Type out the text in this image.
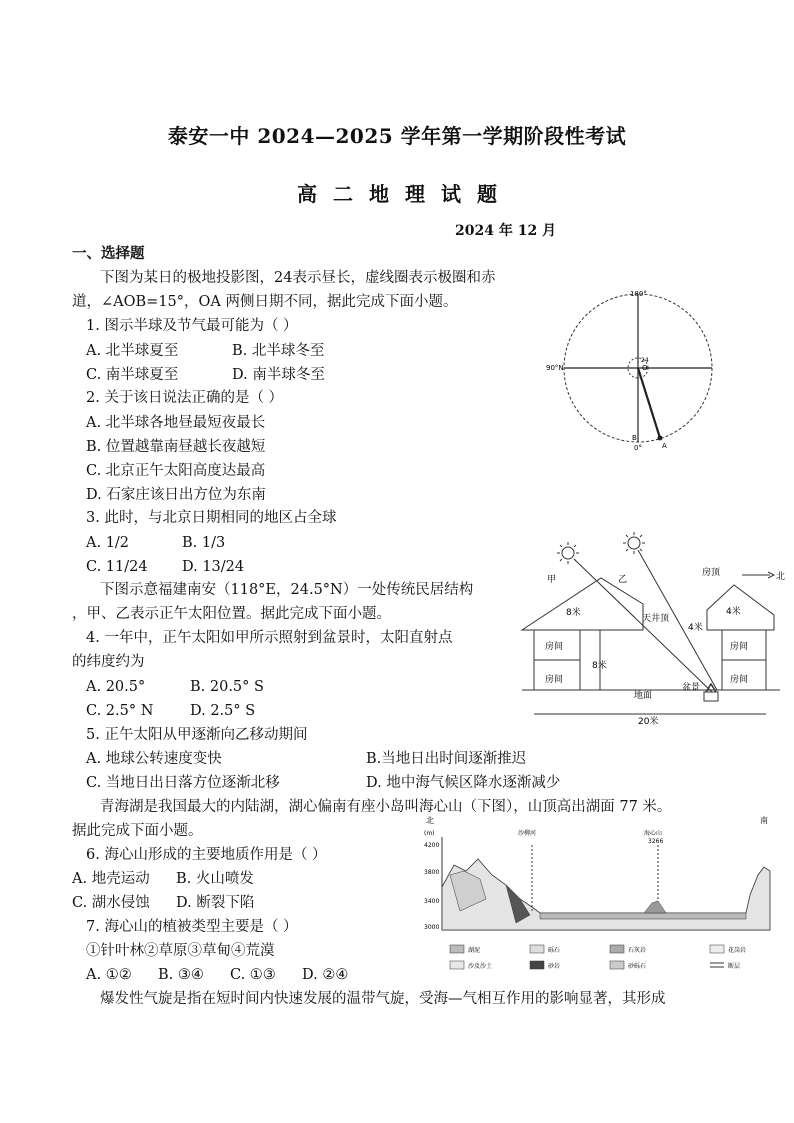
泰安一中 2024—2025 学年第一学期阶段性考试
高二地理试题
2024 年 12 月
一、选择题
下图为某日的极地投影图，24表示昼长，虚线圈表示极圈和赤
道，∠AOB=15°，OA 两侧日期不同，据此完成下面小题。
1. 图示半球及节气最可能为（ ）
A. 北半球夏至	B. 北半球冬至
C. 南半球夏至	D. 南半球冬至
2. 关于该日说法正确的是（ ）
A. 北半球各地昼最短夜最长
B. 位置越靠南昼越长夜越短
C. 北京正午太阳高度达最高
D. 石家庄该日出方位为东南
3. 此时，与北京日期相同的地区占全球
A. 1/2	B. 1/3
C. 11/24 D. 13/24
下图示意福建南安（118°E，24.5°N）一处传统民居结构
，甲、乙表示正午太阳位置。据此完成下面小题。
4. 一年中，正午太阳如甲所示照射到盆景时，太阳直射点
的纬度约为
A. 20.5°	B. 20.5° S
C. 2.5° N	D. 2.5° S
5. 正午太阳从甲逐渐向乙移动期间
A. 地球公转速度变快	B.当地日出时间逐渐推迟
C. 当地日出日落方位逐渐北移	D. 地中海气候区降水逐渐减少
青海湖是我国最大的内陆湖，湖心偏南有座小岛叫海心山（下图），山顶高出湖面 77 米。
据此完成下面小题。
6. 海心山形成的主要地质作用是（ ）
A. 地壳运动 B. 火山喷发
C. 湖水侵蚀 D. 断裂下陷
7. 海心山的植被类型主要是（ ）
①针叶林②草原③草甸④荒漠
A. ①② B. ③④ C. ①③ D. ②④
爆发性气旋是指在短时间内快速发展的温带气旋，受海—气相互作用的影响显著，其形成
180°
90°N
24
O
B
0°	A
甲	乙
房顶	北
8米
天井顶
4米
4米
房间
房间
房间
房间
8米
地面
盆景
20米
北	南
(m)	沙柳河	海心山
3266
4200
3800
3400
3000
湖泥	砾石	石灰岩	花岗岩
沙及沙土	砂岩	砂砾石	断层
